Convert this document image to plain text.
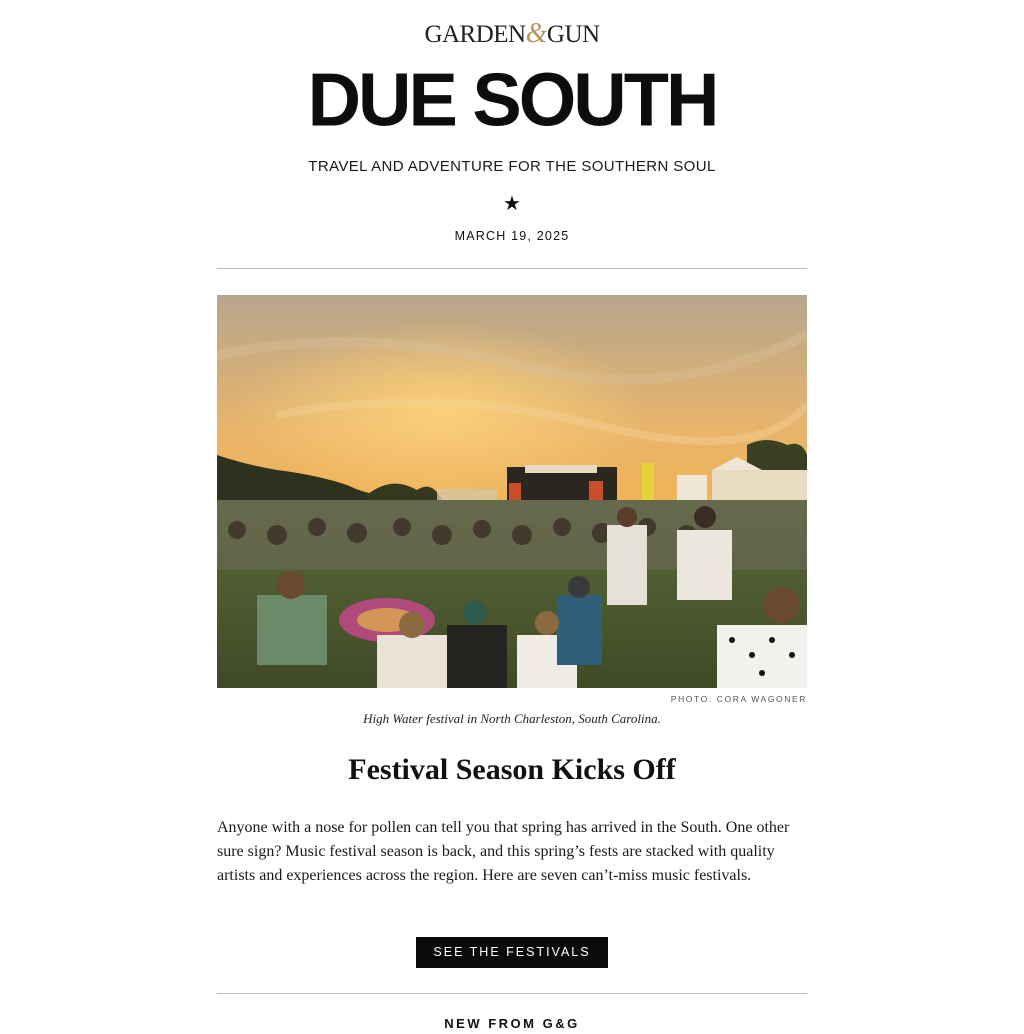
GARDEN&GUN
DUE SOUTH
TRAVEL AND ADVENTURE FOR THE SOUTHERN SOUL
★
MARCH 19, 2025
PHOTO: CORA WAGONER
High Water festival in North Charleston, South Carolina.
Festival Season Kicks Off

Anyone with a nose for pollen can tell you that spring has arrived in the South. One other sure sign? Music festival season is back, and this spring’s fests are stacked with quality artists and experiences across the region. Here are seven can’t-miss music festivals.

SEE THE FESTIVALS
NEW FROM G&G
